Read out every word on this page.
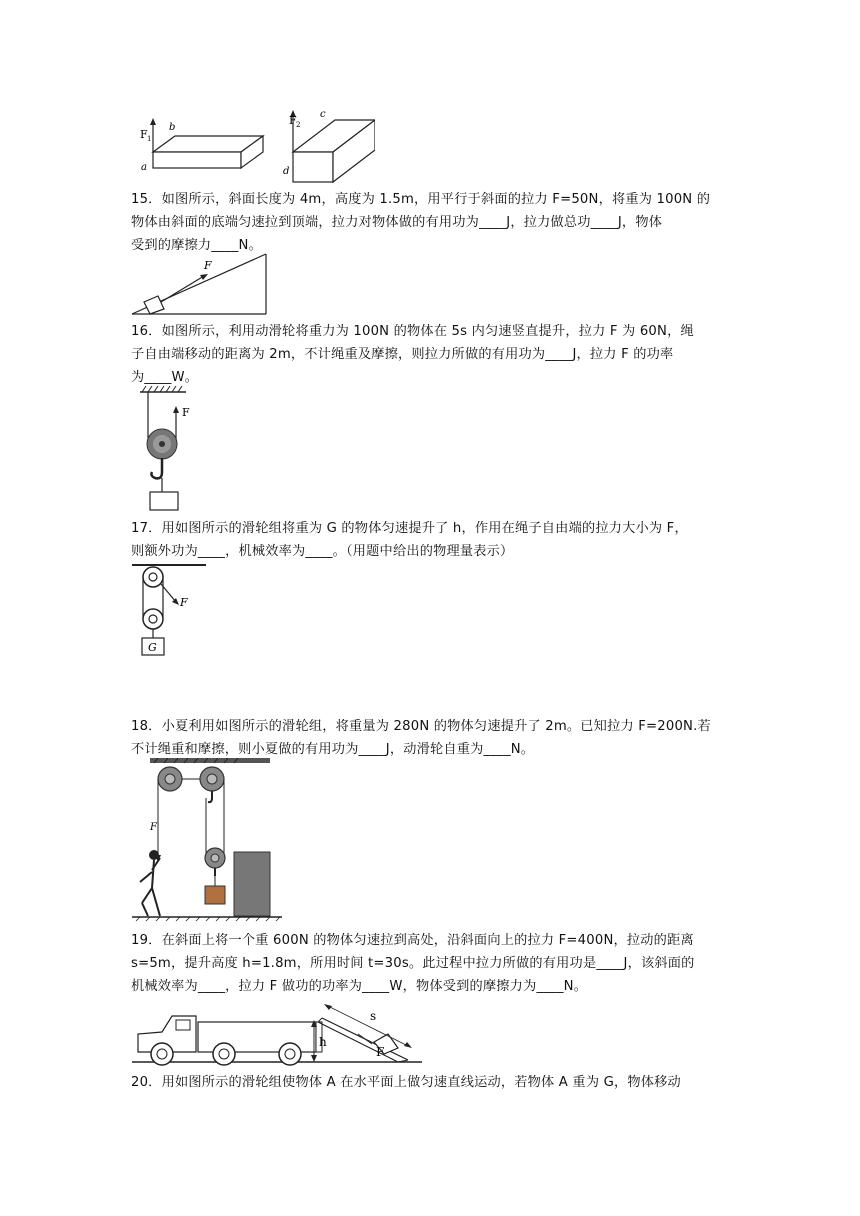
F 1
b
a
F 2
c
d

15．如图所示，斜面长度为 4m，高度为 1.5m，用平行于斜面的拉力 F=50N，将重为 100N 的

物体由斜面的底端匀速拉到顶端，拉力对物体做的有用功为____J，拉力做总功____J，物体

受到的摩擦力____N。

F

16．如图所示，利用动滑轮将重力为 100N 的物体在 5s 内匀速竖直提升，拉力 F 为 60N，绳

子自由端移动的距离为 2m，不计绳重及摩擦，则拉力所做的有用功为____J，拉力 F 的功率

为____W。

F

17．用如图所示的滑轮组将重为 G 的物体匀速提升了 h，作用在绳子自由端的拉力大小为 F，

则额外功为____，机械效率为____。（用题中给出的物理量表示）

F
G

18．小夏利用如图所示的滑轮组，将重量为 280N 的物体匀速提升了 2m。已知拉力 F=200N.若

不计绳重和摩擦，则小夏做的有用功为____J，动滑轮自重为____N。

F

19．在斜面上将一个重 600N 的物体匀速拉到高处，沿斜面向上的拉力 F=400N，拉动的距离

s=5m，提升高度 h=1.8m，所用时间 t=30s。此过程中拉力所做的有用功是____J，该斜面的

机械效率为____，拉力 F 做功的功率为____W，物体受到的摩擦力为____N。

F
s
h

20．用如图所示的滑轮组使物体 A 在水平面上做匀速直线运动，若物体 A 重为 G，物体移动
